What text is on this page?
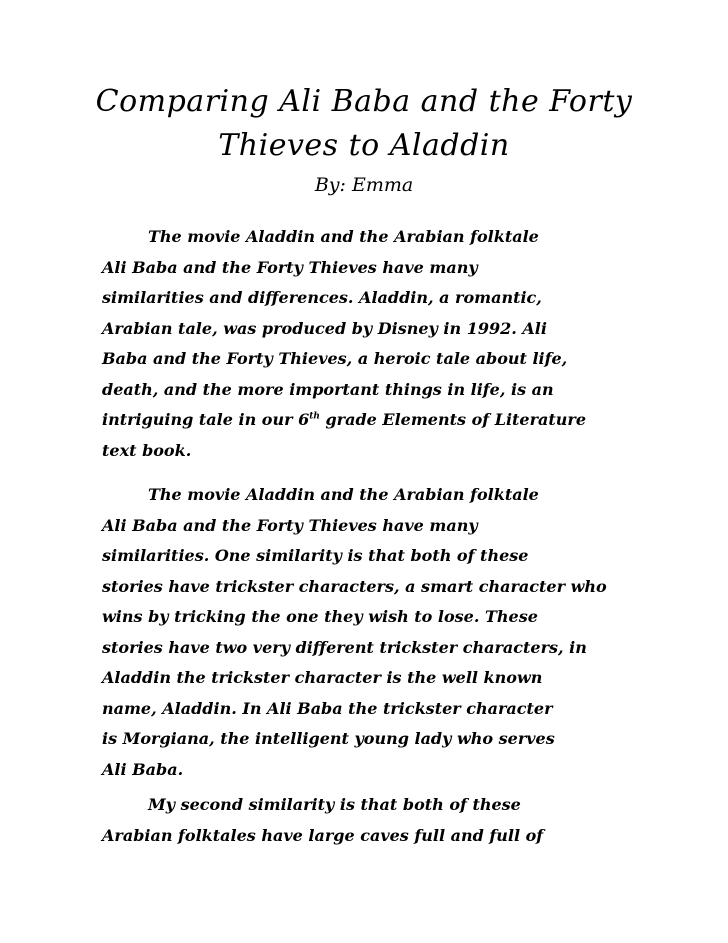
Comparing Ali Baba and the Forty
Thieves to Aladdin
By: Emma
The movie Aladdin and the Arabian folktale
Ali Baba and the Forty Thieves have many
similarities and differences. Aladdin, a romantic,
Arabian tale, was produced by Disney in 1992. Ali
Baba and the Forty Thieves, a heroic tale about life,
death, and the more important things in life, is an
intriguing tale in our 6th grade Elements of Literature
text book.
The movie Aladdin and the Arabian folktale
Ali Baba and the Forty Thieves have many
similarities. One similarity is that both of these
stories have trickster characters, a smart character who
wins by tricking the one they wish to lose. These
stories have two very different trickster characters, in
Aladdin the trickster character is the well known
name, Aladdin. In Ali Baba the trickster character
is Morgiana, the intelligent young lady who serves
Ali Baba.
My second similarity is that both of these
Arabian folktales have large caves full and full of
